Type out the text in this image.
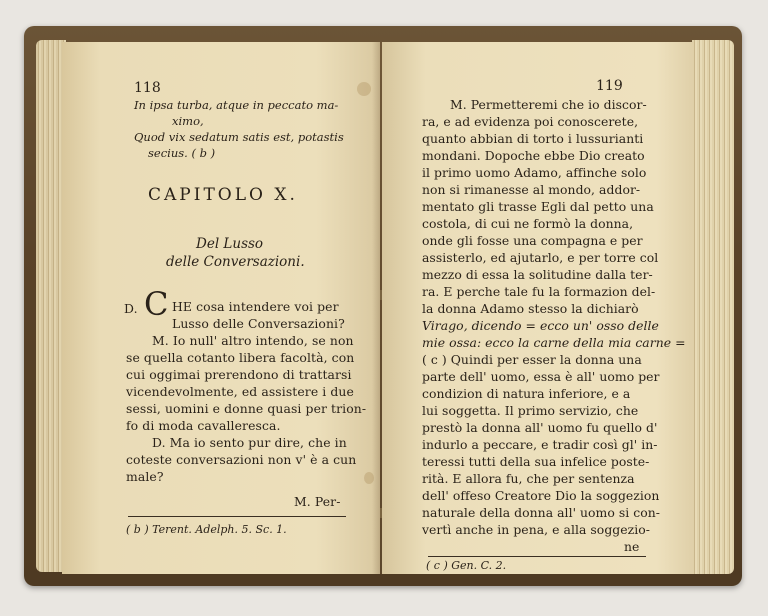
118
In ipsa turba, atque in peccato ma-
ximo,
Quod vix sedatum satis est, potastis
secius. ( b )
CAPITOLO X.
Del Lusso
delle Conversazioni.
D. C HE cosa intendere voi per
Lusso delle Conversazioni?
M. Io null' altro intendo, se non
se quella cotanto libera facoltà, con
cui oggimai prerendono di trattarsi
vicendevolmente, ed assistere i due
sessi, uomini e donne quasi per trion-
fo di moda cavalleresca.
D. Ma io sento pur dire, che in
coteste conversazioni non v' è a cun
male?
M. Per-
( b ) Terent. Adelph. 5. Sc. 1.
119
M. Permetteremi che io discor-
ra, e ad evidenza poi conoscerete,
quanto abbian di torto i lussurianti
mondani. Dopoche ebbe Dio creato
il primo uomo Adamo, affinche solo
non si rimanesse al mondo, addor-
mentato gli trasse Egli dal petto una
costola, di cui ne formò la donna,
onde gli fosse una compagna e per
assisterlo, ed ajutarlo, e per torre col
mezzo di essa la solitudine dalla ter-
ra. E perche tale fu la formazion del-
la donna Adamo stesso la dichiarò
Virago, dicendo = ecco un' osso delle
mie ossa: ecco la carne della mia carne =
( c ) Quindi per esser la donna una
parte dell' uomo, essa è all' uomo per
condizion di natura inferiore, e a
lui soggetta. Il primo servizio, che
prestò la donna all' uomo fu quello d'
indurlo a peccare, e tradir così gl' in-
teressi tutti della sua infelice poste-
rità. E allora fu, che per sentenza
dell' offeso Creatore Dio la soggezion
naturale della donna all' uomo si con-
vertì anche in pena, e alla soggezio-
ne
( c ) Gen. C. 2.
